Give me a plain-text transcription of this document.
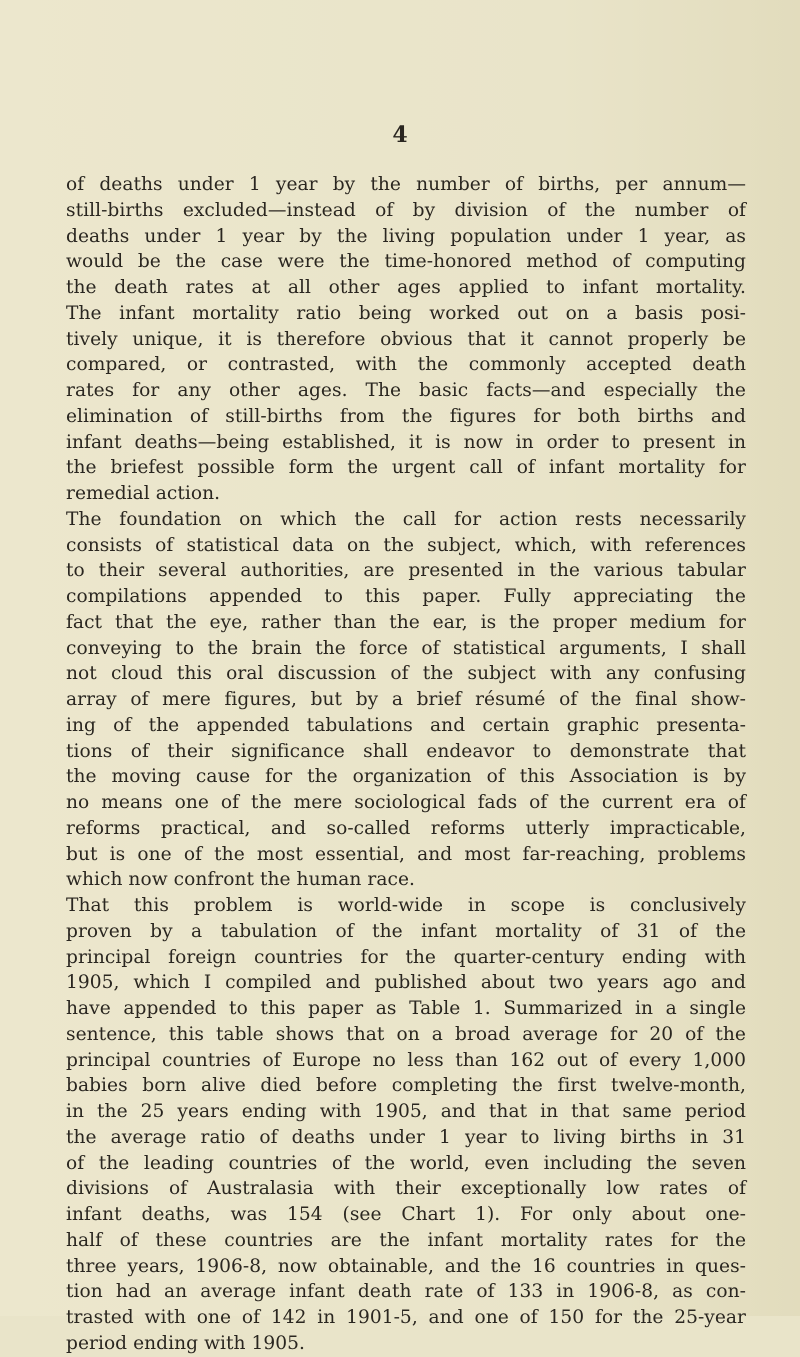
4
of deaths under 1 year by the number of births, per annum—
still-births excluded—instead of by division of the number of
deaths under 1 year by the living population under 1 year, as
would be the case were the time-honored method of computing
the death rates at all other ages applied to infant mortality.
The infant mortality ratio being worked out on a basis posi-
tively unique, it is therefore obvious that it cannot properly be
compared, or contrasted, with the commonly accepted death
rates for any other ages. The basic facts—and especially the
elimination of still-births from the figures for both births and
infant deaths—being established, it is now in order to present in
the briefest possible form the urgent call of infant mortality for
remedial action.
The foundation on which the call for action rests necessarily
consists of statistical data on the subject, which, with references
to their several authorities, are presented in the various tabular
compilations appended to this paper. Fully appreciating the
fact that the eye, rather than the ear, is the proper medium for
conveying to the brain the force of statistical arguments, I shall
not cloud this oral discussion of the subject with any confusing
array of mere figures, but by a brief résumé of the final show-
ing of the appended tabulations and certain graphic presenta-
tions of their significance shall endeavor to demonstrate that
the moving cause for the organization of this Association is by
no means one of the mere sociological fads of the current era of
reforms practical, and so-called reforms utterly impracticable,
but is one of the most essential, and most far-reaching, problems
which now confront the human race.
That this problem is world-wide in scope is conclusively
proven by a tabulation of the infant mortality of 31 of the
principal foreign countries for the quarter-century ending with
1905, which I compiled and published about two years ago and
have appended to this paper as Table 1. Summarized in a single
sentence, this table shows that on a broad average for 20 of the
principal countries of Europe no less than 162 out of every 1,000
babies born alive died before completing the first twelve-month,
in the 25 years ending with 1905, and that in that same period
the average ratio of deaths under 1 year to living births in 31
of the leading countries of the world, even including the seven
divisions of Australasia with their exceptionally low rates of
infant deaths, was 154 (see Chart 1). For only about one-
half of these countries are the infant mortality rates for the
three years, 1906-8, now obtainable, and the 16 countries in ques-
tion had an average infant death rate of 133 in 1906-8, as con-
trasted with one of 142 in 1901-5, and one of 150 for the 25-year
period ending with 1905.
